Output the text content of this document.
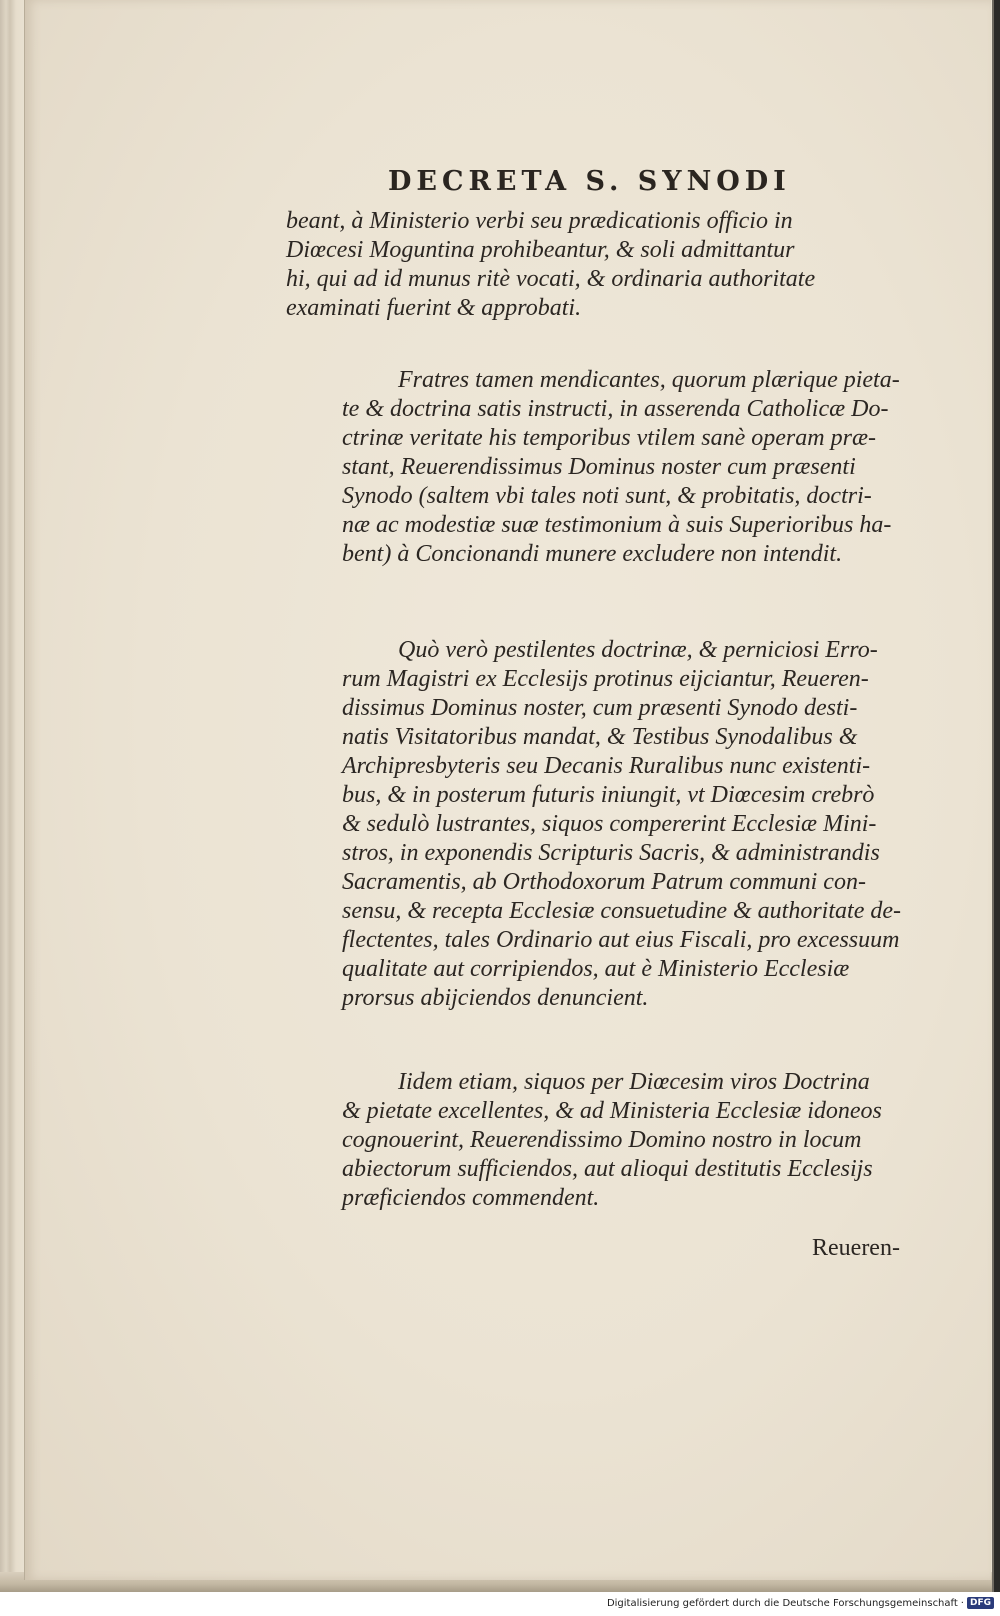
DECRETA S. SYNODI
beant, à Ministerio verbi seu prædicationis officio in
Diœcesi Moguntina prohibeantur, & soli admittantur
hi, qui ad id munus ritè vocati, & ordinaria authoritate
examinati fuerint & approbati.
Fratres tamen mendicantes, quorum plærique pieta-
te & doctrina satis instructi, in asserenda Catholicæ Do-
ctrinæ veritate his temporibus vtilem sanè operam præ-
stant, Reuerendissimus Dominus noster cum præsenti
Synodo (saltem vbi tales noti sunt, & probitatis, doctri-
næ ac modestiæ suæ testimonium à suis Superioribus ha-
bent) à Concionandi munere excludere non intendit.
Quò verò pestilentes doctrinæ, & perniciosi Erro-
rum Magistri ex Ecclesijs protinus eijciantur, Reueren-
dissimus Dominus noster, cum præsenti Synodo desti-
natis Visitatoribus mandat, & Testibus Synodalibus &
Archipresbyteris seu Decanis Ruralibus nunc existenti-
bus, & in posterum futuris iniungit, vt Diœcesim crebrò
& sedulò lustrantes, siquos compererint Ecclesiæ Mini-
stros, in exponendis Scripturis Sacris, & administrandis
Sacramentis, ab Orthodoxorum Patrum communi con-
sensu, & recepta Ecclesiæ consuetudine & authoritate de-
flectentes, tales Ordinario aut eius Fiscali, pro excessuum
qualitate aut corripiendos, aut è Ministerio Ecclesiæ
prorsus abijciendos denuncient.
Iidem etiam, siquos per Diœcesim viros Doctrina
& pietate excellentes, & ad Ministeria Ecclesiæ idoneos
cognouerint, Reuerendissimo Domino nostro in locum
abiectorum sufficiendos, aut alioqui destitutis Ecclesijs
præficiendos commendent.
Reueren-
Digitalisierung gefördert durch die Deutsche Forschungsgemeinschaft · DFG
